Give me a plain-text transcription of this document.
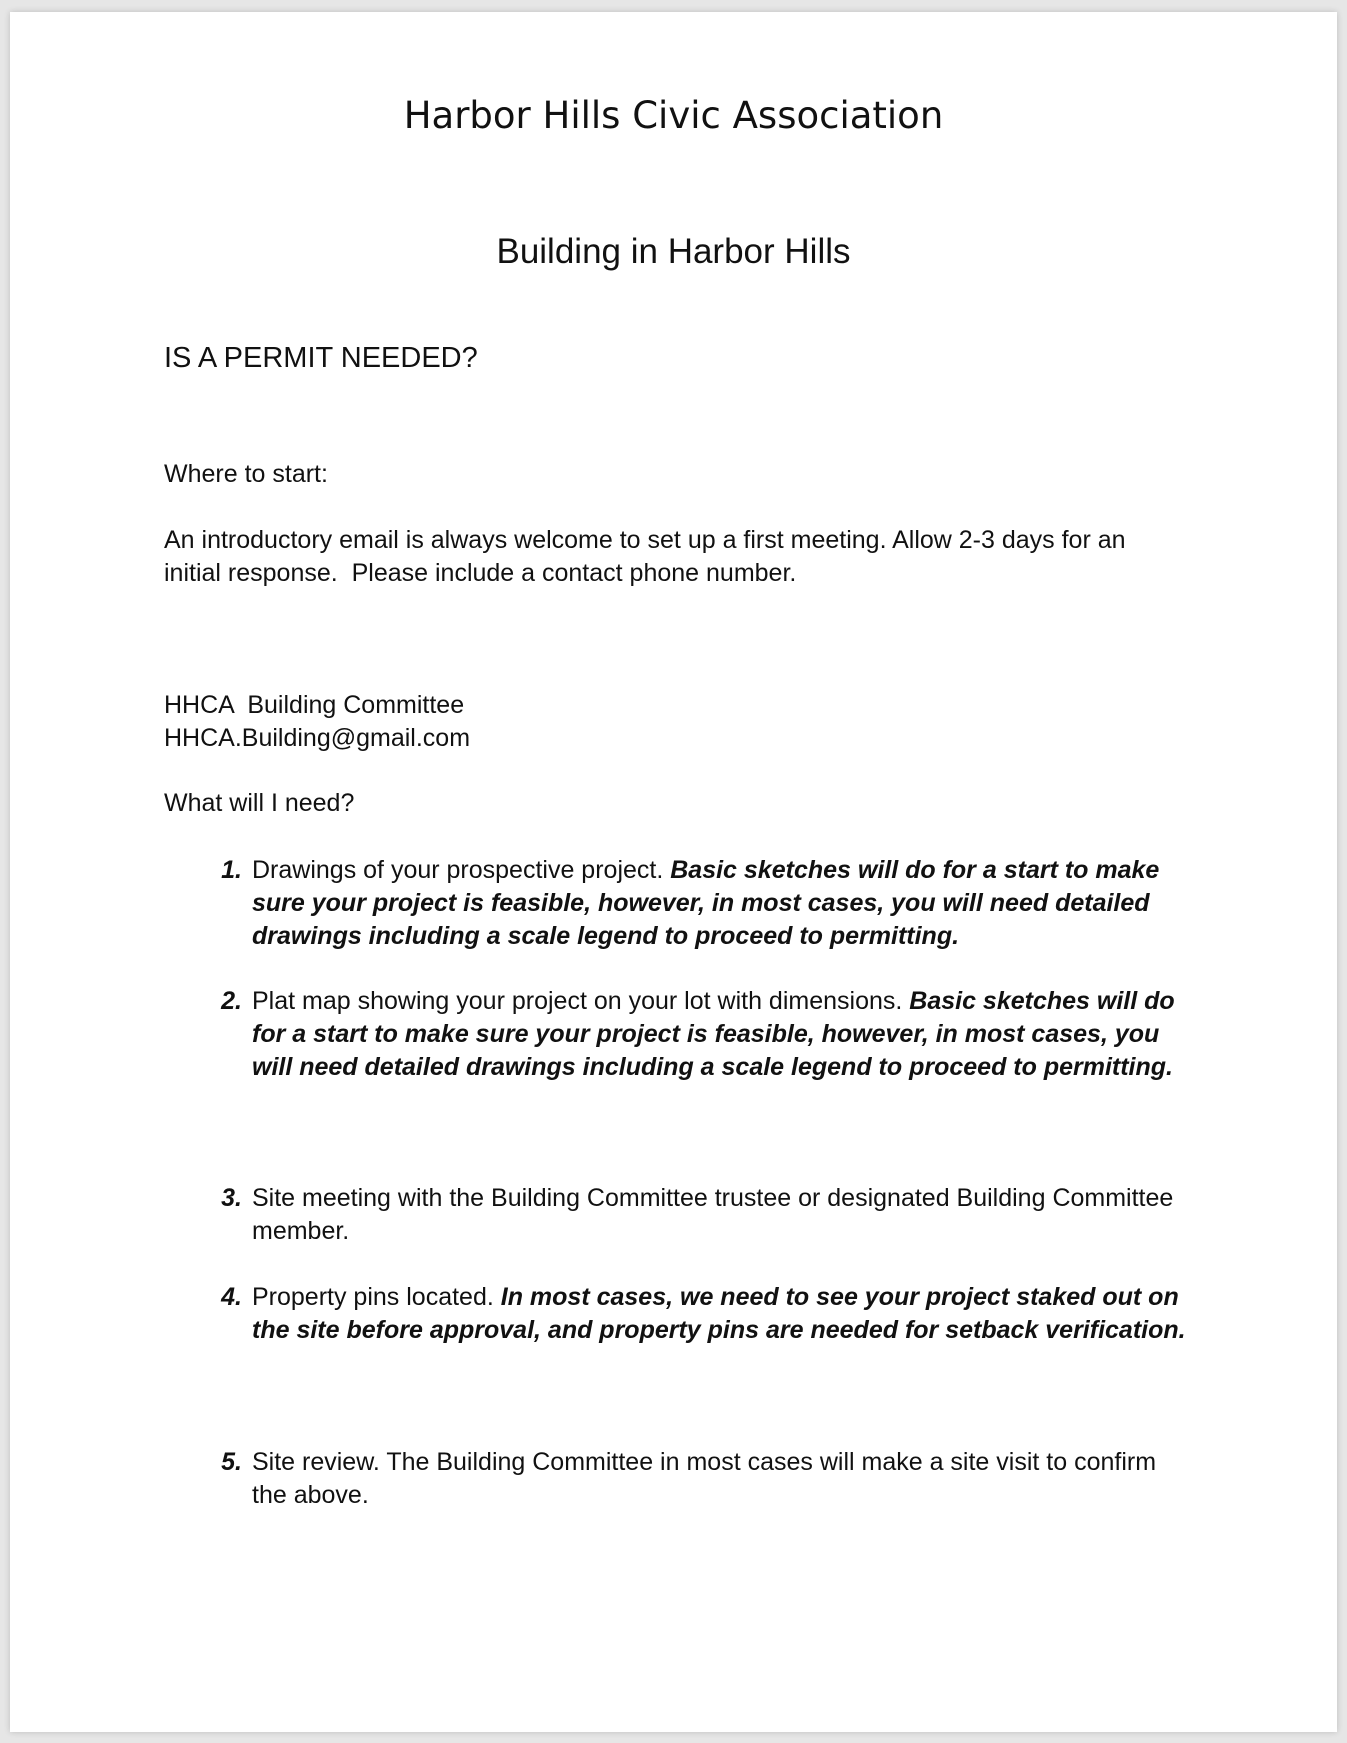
Harbor Hills Civic Association
Building in Harbor Hills
IS A PERMIT NEEDED?
Where to start:
An introductory email is always welcome to set up a first meeting. Allow 2-3 days for an initial response.  Please include a contact phone number.
HHCA  Building Committee
HHCA.Building@gmail.com
What will I need?
1. Drawings of your prospective project. Basic sketches will do for a start to make sure your project is feasible, however, in most cases, you will need detailed drawings including a scale legend to proceed to permitting.
2. Plat map showing your project on your lot with dimensions. Basic sketches will do for a start to make sure your project is feasible, however, in most cases, you will need detailed drawings including a scale legend to proceed to permitting.
3. Site meeting with the Building Committee trustee or designated Building Committee member.
4. Property pins located. In most cases, we need to see your project staked out on the site before approval, and property pins are needed for setback verification.
5. Site review. The Building Committee in most cases will make a site visit to confirm the above.
